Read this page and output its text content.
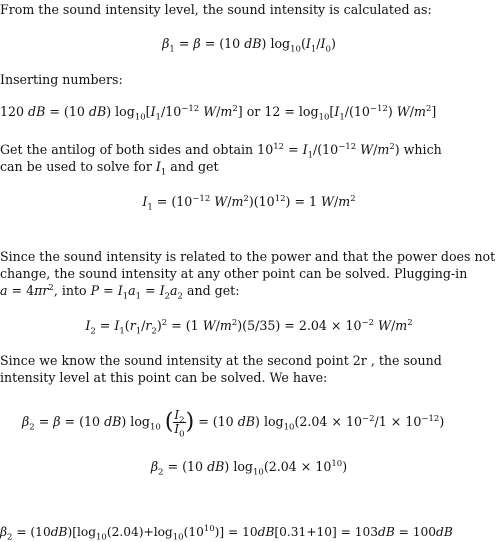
From the sound intensity level, the sound intensity is calculated as:
$\beta_1 = \beta = (10$ dB) $\log_{10}(I_1/I_0)$
Inserting numbers:
120 dB = (10 dB) $\log_{10}[I_1/10^{-12}$ $W/m^2$] or $12 = \log_{10}[I_1/(10^{-12})$ $W/m^2$]
Get the antilog of both sides and obtain $10^{12} = I_1/(10^{-12}$ $W/m^2$) which
can be used to solve for $I_1$ and get
$I_1 = (10^{-12}$ $W/m^2)(10^{12}) = 1$ $W/m^2$
Since the sound intensity is related to the power and that the power does not
change, the sound intensity at any other point can be solved. Plugging-in
$a = 4\pi r^2$, into $P = I_1a_1 = I_2a_2$ and get:
$I_2 = I_1(r_1/r_2)^2 = (1$ $W/m^2)(5/35) = 2.04 \times 10^{-2}$ $W/m^2$
Since we know the sound intensity at the second point 2r , the sound
intensity level at this point can be solved. We have:
$\beta_2 = \beta = (10$ dB) $\log_{10}$ ( $\frac{I_2}{I_0}$ ) = (10 dB) $\log_{10}(2.04 \times 10^{-2}/1 \times 10^{-12})$
$\beta_2 = (10$ dB) $\log_{10}(2.04 \times 10^{10})$
$\beta_2 = (10dB)[\log_{10}(2.04)+\log_{10}(10^{10})] = 10dB[0.31+10] = 103dB = 100dB$
